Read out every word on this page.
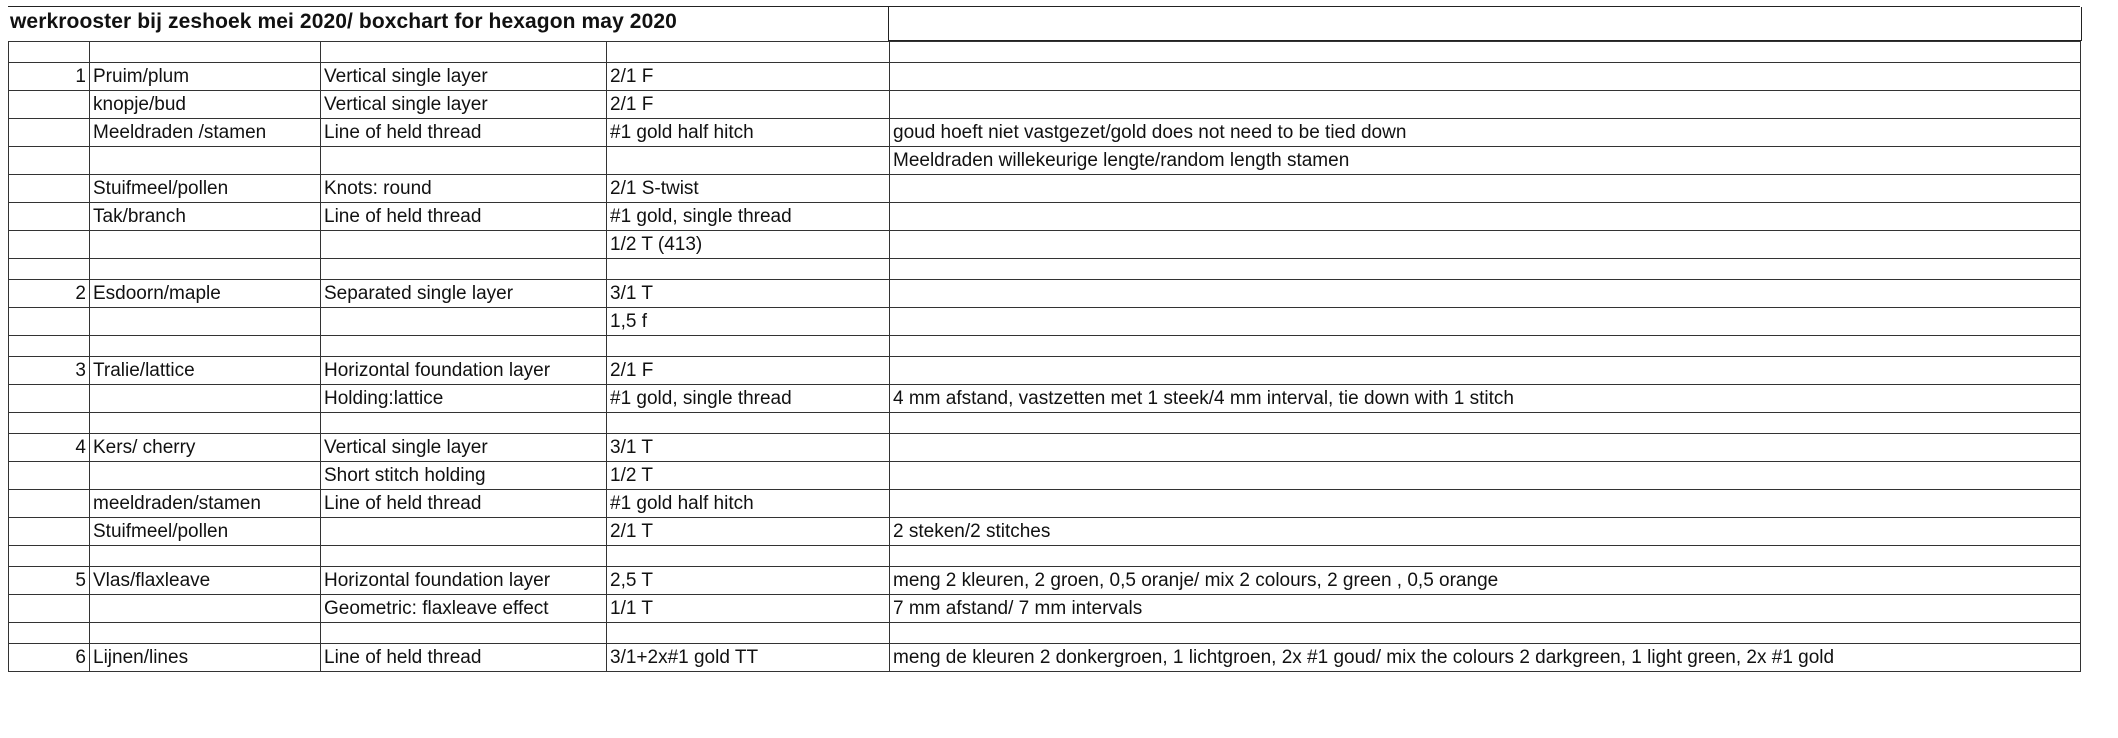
werkrooster bij zeshoek mei 2020/ boxchart for hexagon may 2020

1	Pruim/plum	Vertical single layer	2/1 F	
	knopje/bud	Vertical single layer	2/1 F	
	Meeldraden /stamen	Line of held thread	#1 gold half hitch	goud hoeft niet vastgezet/gold does not need to be tied down
				Meeldraden willekeurige lengte/random length stamen
	Stuifmeel/pollen	Knots: round	2/1 S-twist	
	Tak/branch	Line of held thread	#1 gold, single thread	
			1/2 T (413)	

2	Esdoorn/maple	Separated single layer	3/1 T	
			1,5 f	

3	Tralie/lattice	Horizontal foundation layer	2/1 F	
		Holding:lattice	#1 gold, single thread	4 mm afstand, vastzetten met 1 steek/4 mm interval, tie down with 1 stitch

4	Kers/ cherry	Vertical single layer	3/1 T	
		Short stitch holding	1/2 T	
	meeldraden/stamen	Line of held thread	#1 gold half hitch	
	Stuifmeel/pollen		2/1 T	2 steken/2 stitches

5	Vlas/flaxleave	Horizontal foundation layer	2,5 T	meng 2 kleuren, 2 groen, 0,5 oranje/ mix 2 colours, 2 green , 0,5 orange
		Geometric: flaxleave effect	1/1 T	7 mm afstand/ 7 mm intervals

6	Lijnen/lines	Line of held thread	3/1+2x#1 gold TT	meng de kleuren 2 donkergroen, 1 lichtgroen, 2x #1 goud/ mix the colours 2 darkgreen, 1 light green, 2x #1 gold
